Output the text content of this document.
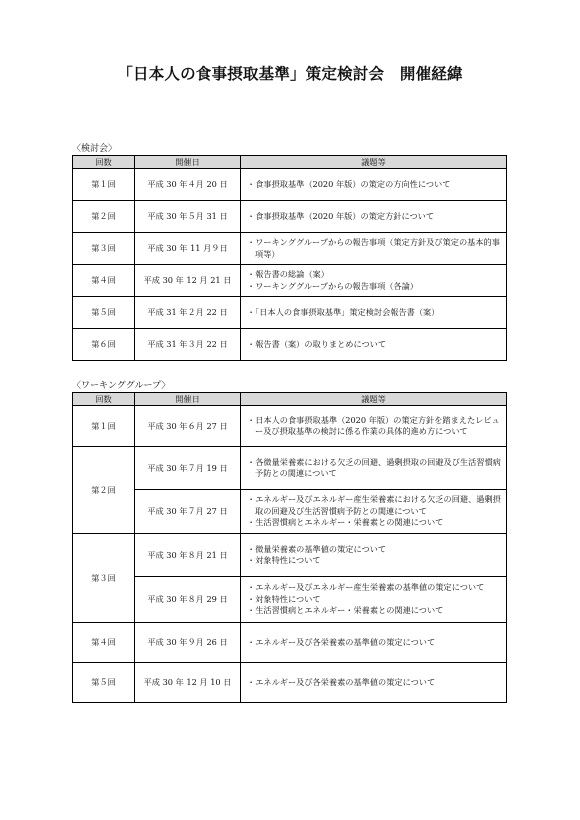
「日本人の食事摂取基準」策定検討会　開催経緯
〈検討会〉
回数	開催日	議題等
第１回	平成 30 年４月 20 日	・食事摂取基準（2020 年版）の策定の方向性について

第２回	平成 30 年５月 31 日	・食事摂取基準（2020 年版）の策定方針について

第３回	平成 30 年 11 月９日	・ワーキンググループからの報告事項（策定方針及び策定の基本的事項等）

第４回	平成 30 年 12 月 21 日	・報告書の総論（案）
・ワーキンググループからの報告事項（各論）

第５回	平成 31 年２月 22 日	・「日本人の食事摂取基準」策定検討会報告書（案）

第６回	平成 31 年３月 22 日	・報告書（案）の取りまとめについて
〈ワーキンググループ〉
回数	開催日	議題等
第１回	平成 30 年６月 27 日	・日本人の食事摂取基準（2020 年版）の策定方針を踏まえたレビュー及び摂取基準の検討に係る作業の具体的進め方について

第２回	平成 30 年７月 19 日	・各微量栄養素における欠乏の回避、過剰摂取の回避及び生活習慣病予防との関連について

	平成 30 年７月 27 日	・エネルギー及びエネルギー産生栄養素における欠乏の回避、過剰摂取の回避及び生活習慣病予防との関連について
・生活習慣病とエネルギー・栄養素との関連について

第３回	平成 30 年８月 21 日	・微量栄養素の基準値の策定について
・対象特性について

	平成 30 年８月 29 日	・エネルギー及びエネルギー産生栄養素の基準値の策定について
・対象特性について
・生活習慣病とエネルギー・栄養素との関連について

第４回	平成 30 年９月 26 日	・エネルギー及び各栄養素の基準値の策定について

第５回	平成 30 年 12 月 10 日	・エネルギー及び各栄養素の基準値の策定について
